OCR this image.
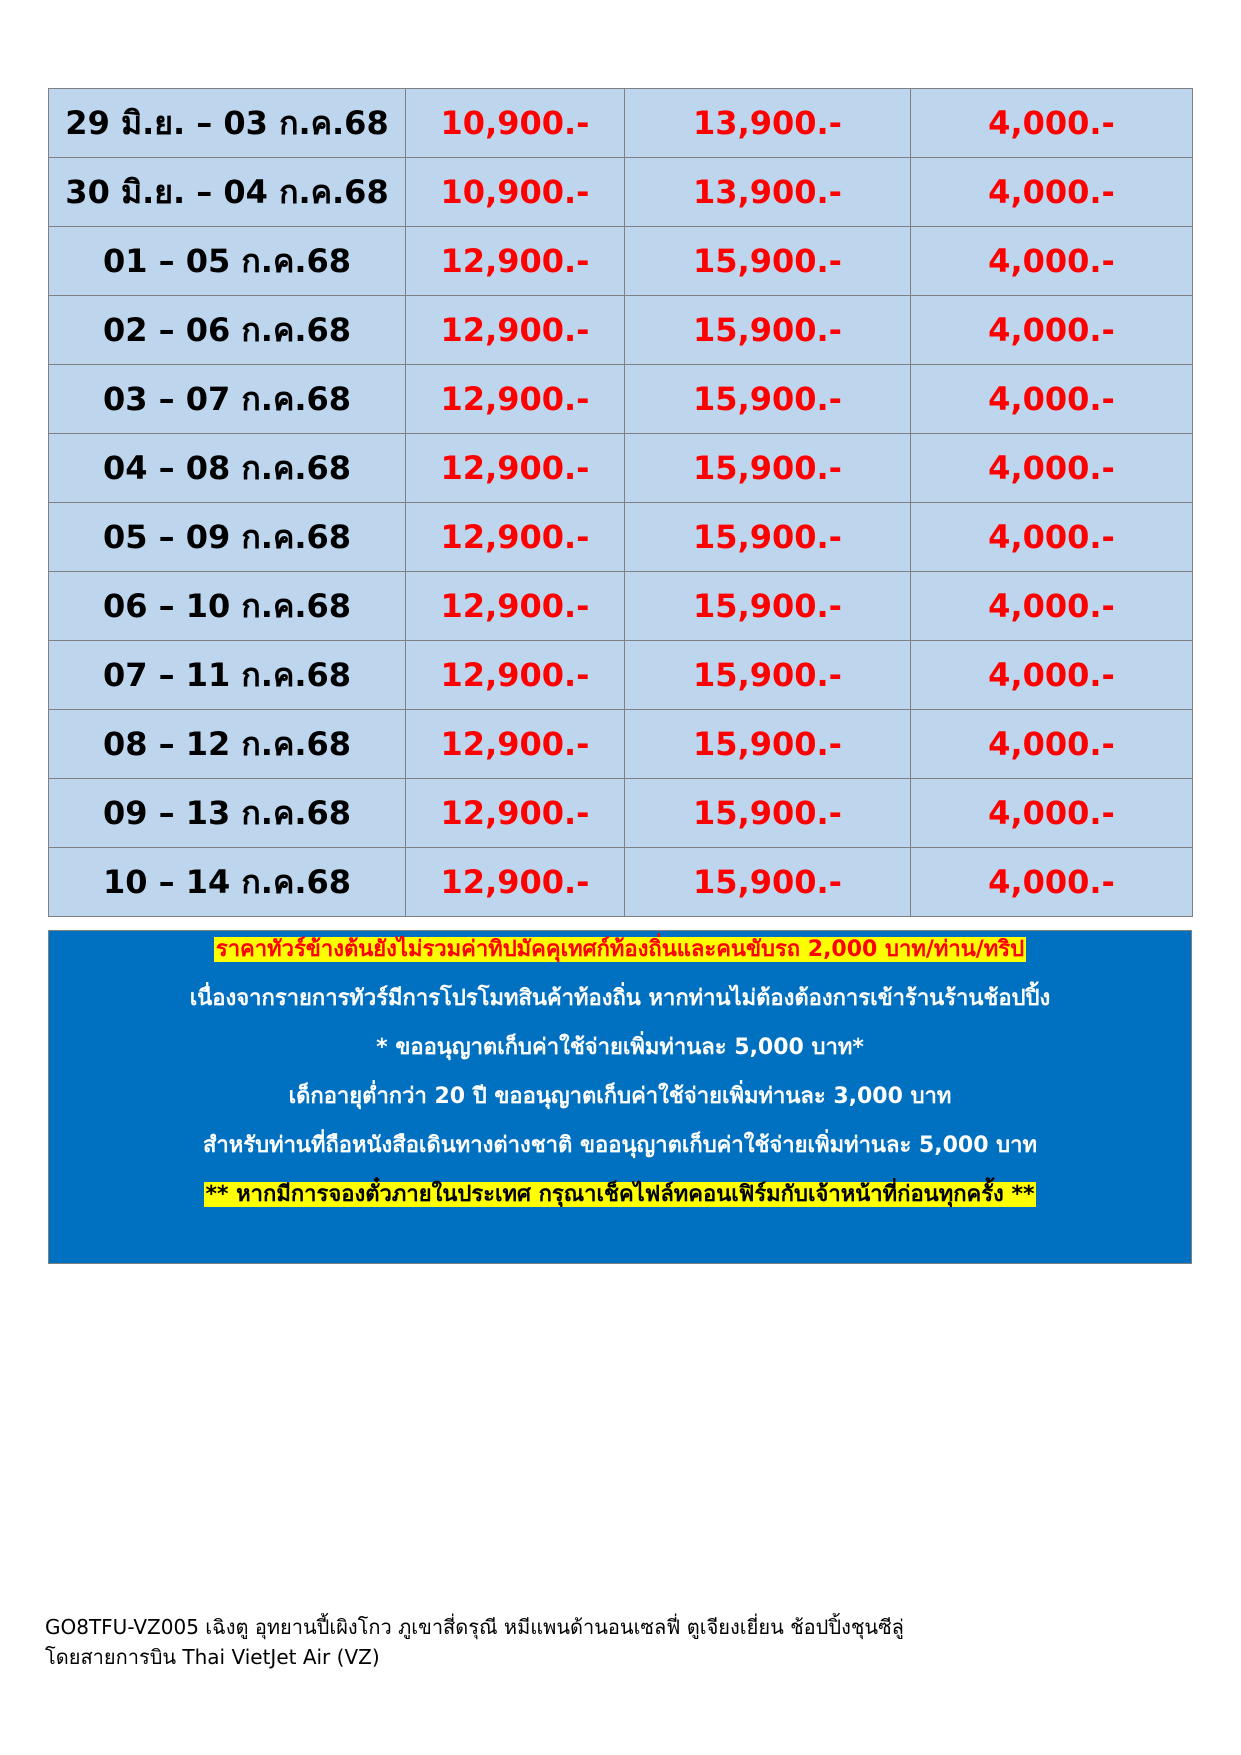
29 มิ.ย. – 03 ก.ค.68	10,900.-	13,900.-	4,000.-
30 มิ.ย. – 04 ก.ค.68	10,900.-	13,900.-	4,000.-
01 – 05 ก.ค.68	12,900.-	15,900.-	4,000.-
02 – 06 ก.ค.68	12,900.-	15,900.-	4,000.-
03 – 07 ก.ค.68	12,900.-	15,900.-	4,000.-
04 – 08 ก.ค.68	12,900.-	15,900.-	4,000.-
05 – 09 ก.ค.68	12,900.-	15,900.-	4,000.-
06 – 10 ก.ค.68	12,900.-	15,900.-	4,000.-
07 – 11 ก.ค.68	12,900.-	15,900.-	4,000.-
08 – 12 ก.ค.68	12,900.-	15,900.-	4,000.-
09 – 13 ก.ค.68	12,900.-	15,900.-	4,000.-
10 – 14 ก.ค.68	12,900.-	15,900.-	4,000.-
ราคาทัวร์ข้างต้นยังไม่รวมค่าทิปมัคคุเทศก์ท้องถิ่นและคนขับรถ 2,000 บาท/ท่าน/ทริป
เนื่องจากรายการทัวร์มีการโปรโมทสินค้าท้องถิ่น หากท่านไม่ต้องต้องการเข้าร้านร้านช้อปปิ้ง
* ขออนุญาตเก็บค่าใช้จ่ายเพิ่มท่านละ 5,000 บาท*
เด็กอายุต่ำกว่า 20 ปี ขออนุญาตเก็บค่าใช้จ่ายเพิ่มท่านละ 3,000 บาท
สำหรับท่านที่ถือหนังสือเดินทางต่างชาติ ขออนุญาตเก็บค่าใช้จ่ายเพิ่มท่านละ 5,000 บาท
** หากมีการจองตั๋วภายในประเทศ กรุณาเช็คไฟล์ทคอนเฟิร์มกับเจ้าหน้าที่ก่อนทุกครั้ง **
GO8TFU-VZ005 เฉิงตู อุทยานปี้เผิงโกว ภูเขาสี่ดรุณี หมีแพนด้านอนเซลฟี่ ตูเจียงเยี่ยน ช้อปปิ้งชุนซีลู่
โดยสายการบิน Thai VietJet Air (VZ)
